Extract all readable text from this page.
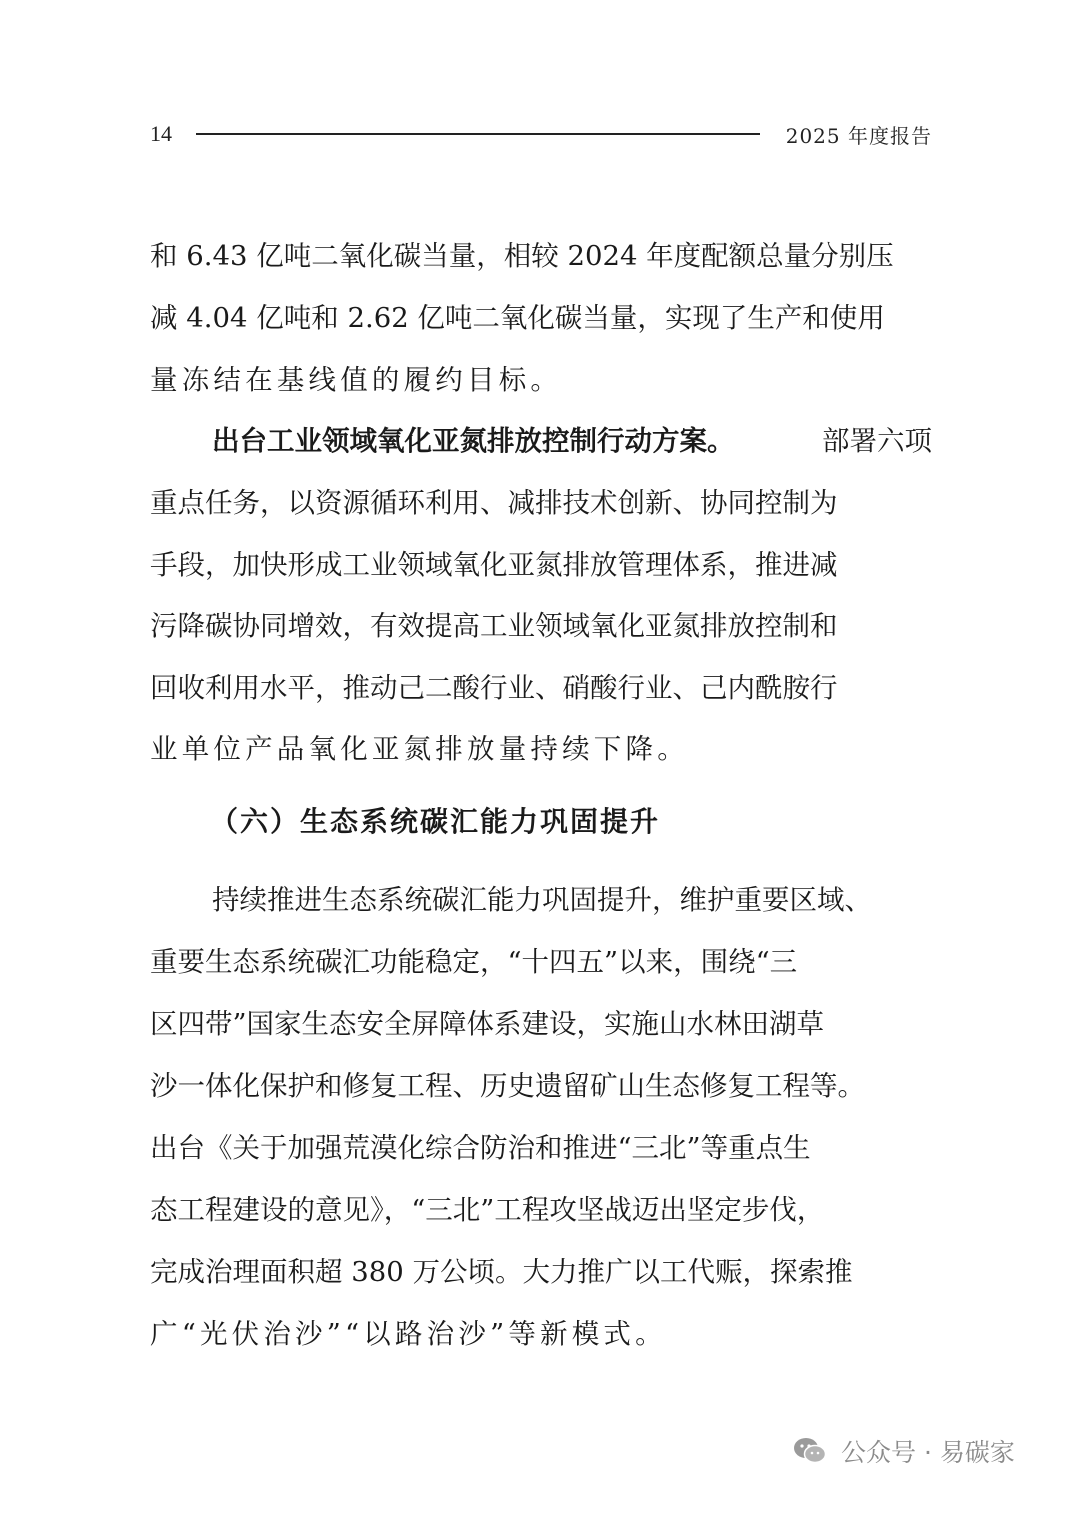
14	2025 年度报告
和 6.43 亿吨二氧化碳当量，相较 2024 年度配额总量分别压
减 4.04 亿吨和 2.62 亿吨二氧化碳当量，实现了生产和使用
量冻结在基线值的履约目标。
出台工业领域氧化亚氮排放控制行动方案。	部署六项
重点任务，以资源循环利用、减排技术创新、协同控制为
手段，加快形成工业领域氧化亚氮排放管理体系，推进减
污降碳协同增效，有效提高工业领域氧化亚氮排放控制和
回收利用水平，推动己二酸行业、硝酸行业、己内酰胺行
业单位产品氧化亚氮排放量持续下降。
（六）生态系统碳汇能力巩固提升
持续推进生态系统碳汇能力巩固提升，维护重要区域、
重要生态系统碳汇功能稳定，“十四五”以来，围绕“三
区四带”国家生态安全屏障体系建设，实施山水林田湖草
沙一体化保护和修复工程、历史遗留矿山生态修复工程等。
出台《关于加强荒漠化综合防治和推进“三北”等重点生
态工程建设的意见》，“三北”工程攻坚战迈出坚定步伐，
完成治理面积超 380 万公顷。大力推广以工代赈，探索推
广“光伏治沙”“以路治沙”等新模式。
公众号 · 易碳家
